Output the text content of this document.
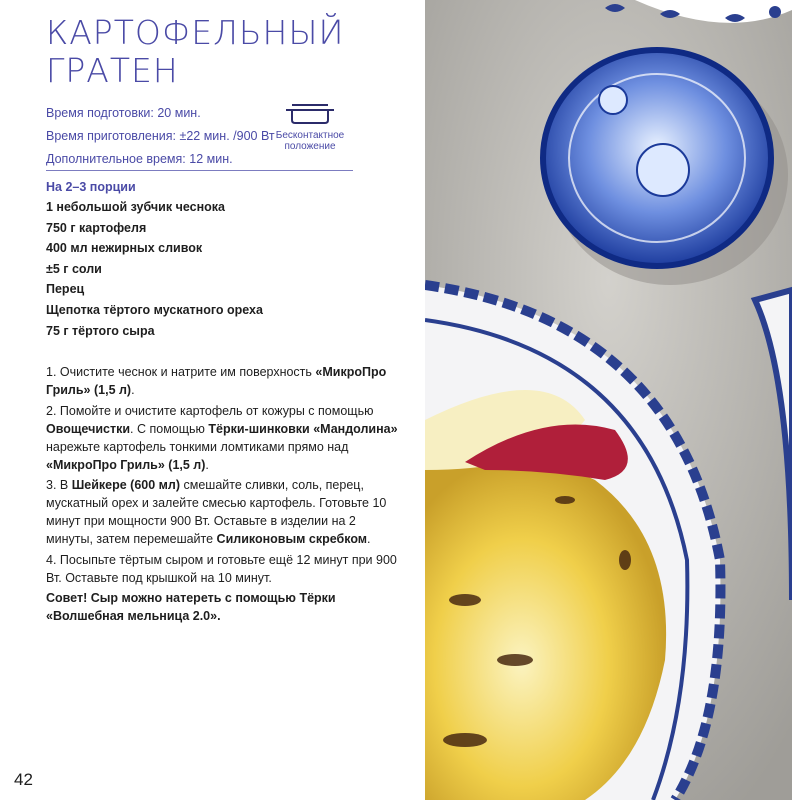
КАРТОФЕЛЬНЫЙ
ГРАТЕН
Время подготовки: 20 мин.
Время приготовления: ±22 мин. /900 Вт
Дополнительное время: 12 мин.
Бесконтактное
положение
На 2–3 порции
1 небольшой зубчик чеснока
750 г картофеля
400 мл нежирных сливок
±5 г соли
Перец
Щепотка тёртого мускатного ореха
75 г тёртого сыра

1. Очистите чеснок и натрите им поверхность «МикроПро Гриль» (1,5 л).

2. Помойте и очистите картофель от кожуры с помощью Овощечистки. С помощью Тёрки-шинковки «Мандолина» нарежьте картофель тонкими ломтиками прямо над «МикроПро Гриль» (1,5 л).

3. В Шейкере (600 мл) смешайте сливки, соль, перец, мускатный орех и залейте смесью картофель. Готовьте 10 минут при мощности 900 Вт. Оставьте в изделии на 2 минуты, затем перемешайте Силиконовым скребком.

4. Посыпьте тёртым сыром и готовьте ещё 12 минут при 900 Вт. Оставьте под крышкой на 10 минут.

Совет! Сыр можно натереть с помощью Тёрки «Волшебная мельница 2.0».

42
